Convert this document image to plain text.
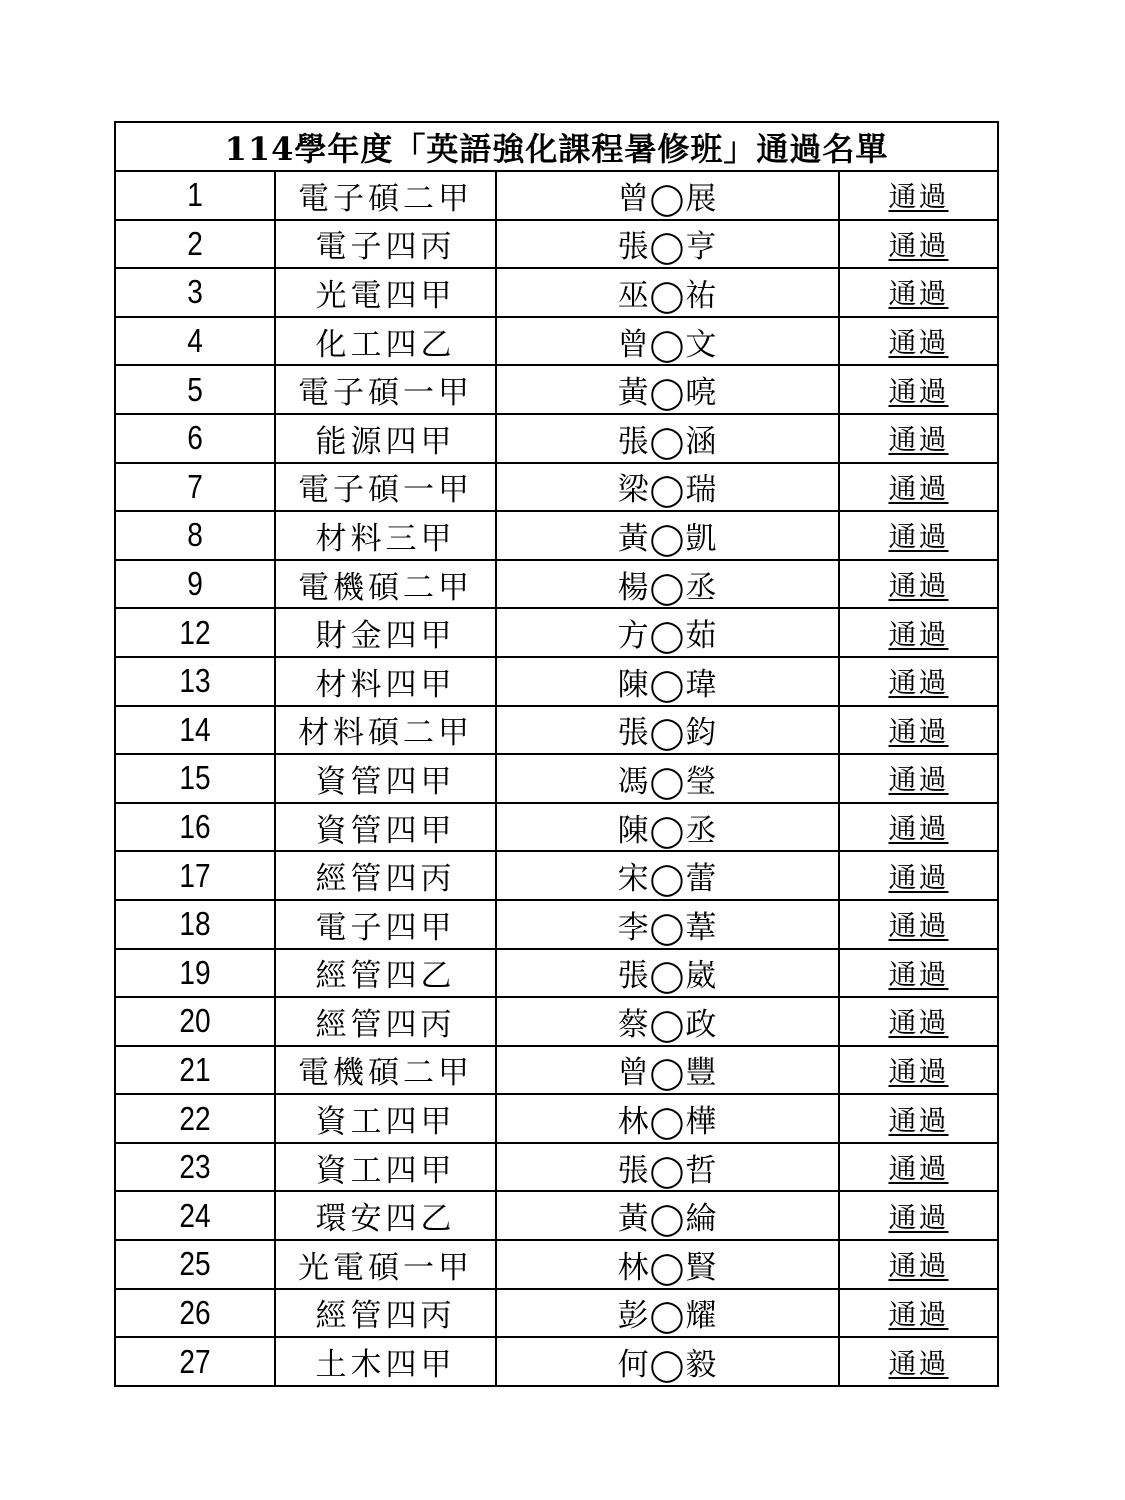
114學年度「英語強化課程暑修班」通過名單			
1	電子碩二甲	曾◯展	通過
2	電子四丙	張◯亨	通過
3	光電四甲	巫◯祐	通過
4	化工四乙	曾◯文	通過
5	電子碩一甲	黃◯喨	通過
6	能源四甲	張◯涵	通過
7	電子碩一甲	梁◯瑞	通過
8	材料三甲	黃◯凱	通過
9	電機碩二甲	楊◯丞	通過
12	財金四甲	方◯茹	通過
13	材料四甲	陳◯瑋	通過
14	材料碩二甲	張◯鈞	通過
15	資管四甲	馮◯瑩	通過
16	資管四甲	陳◯丞	通過
17	經管四丙	宋◯蕾	通過
18	電子四甲	李◯葦	通過
19	經管四乙	張◯崴	通過
20	經管四丙	蔡◯政	通過
21	電機碩二甲	曾◯豐	通過
22	資工四甲	林◯樺	通過
23	資工四甲	張◯哲	通過
24	環安四乙	黃◯綸	通過
25	光電碩一甲	林◯賢	通過
26	經管四丙	彭◯耀	通過
27	土木四甲	何◯毅	通過
